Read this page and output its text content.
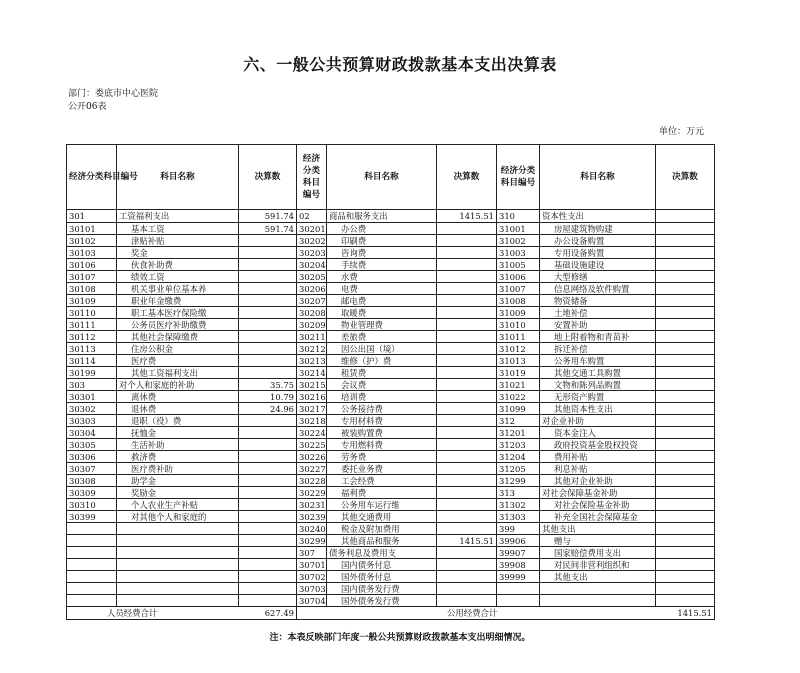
六、一般公共预算财政拨款基本支出决算表
部门：娄底市中心医院
公开06表
单位：万元
经济分类科目编号	科目名称	决算数	经济分类科目编号	科目名称	决算数	经济分类科目编号	科目名称	决算数
301	工资福利支出	591.74	02	商品和服务支出	1415.51	310	资本性支出	
30101	基本工资	591.74	30201	办公费		31001	房屋建筑物购建	
30102	津贴补贴		30202	印刷费		31002	办公设备购置	
30103	奖金		30203	咨询费		31003	专用设备购置	
30106	伙食补助费		30204	手续费		31005	基础设施建设	
30107	绩效工资		30205	水费		31006	大型修缮	
30108	机关事业单位基本养		30206	电费		31007	信息网络及软件购置	
30109	职业年金缴费		30207	邮电费		31008	物资储备	
30110	职工基本医疗保险缴		30208	取暖费		31009	土地补偿	
30111	公务员医疗补助缴费		30209	物业管理费		31010	安置补助	
30112	其他社会保障缴费		30211	差旅费		31011	地上附着物和青苗补	
30113	住房公积金		30212	因公出国（境）		31012	拆迁补偿	
30114	医疗费		30213	维修（护）费		31013	公务用车购置	
30199	其他工资福利支出		30214	租赁费		31019	其他交通工具购置	
303	对个人和家庭的补助	35.75	30215	会议费		31021	文物和陈列品购置	
30301	离休费	10.79	30216	培训费		31022	无形资产购置	
30302	退休费	24.96	30217	公务接待费		31099	其他资本性支出	
30303	退职（役）费		30218	专用材料费		312	对企业补助	
30304	抚恤金		30224	被装购置费		31201	资本金注入	
30305	生活补助		30225	专用燃料费		31203	政府投资基金股权投资	
30306	救济费		30226	劳务费		31204	费用补贴	
30307	医疗费补助		30227	委托业务费		31205	利息补贴	
30308	助学金		30228	工会经费		31299	其他对企业补助	
30309	奖励金		30229	福利费		313	对社会保障基金补助	
30310	个人农业生产补贴		30231	公务用车运行维		31302	对社会保险基金补助	
30399	对其他个人和家庭的		30239	其他交通费用		31303	补充全国社会保障基金	
			30240	税金及附加费用		399	其他支出	
			30299	其他商品和服务	1415.51	39906	赠与	
			307	债务利息及费用支		39907	国家赔偿费用支出	
			30701	国内债务付息		39908	对民间非营利组织和	
			30702	国外债务付息		39999	其他支出	
			30703	国内债务发行费				
			30704	国外债务发行费				
人员经费合计 627.49			公用经费合计 1415.51					
注：本表反映部门年度一般公共预算财政拨款基本支出明细情况。
